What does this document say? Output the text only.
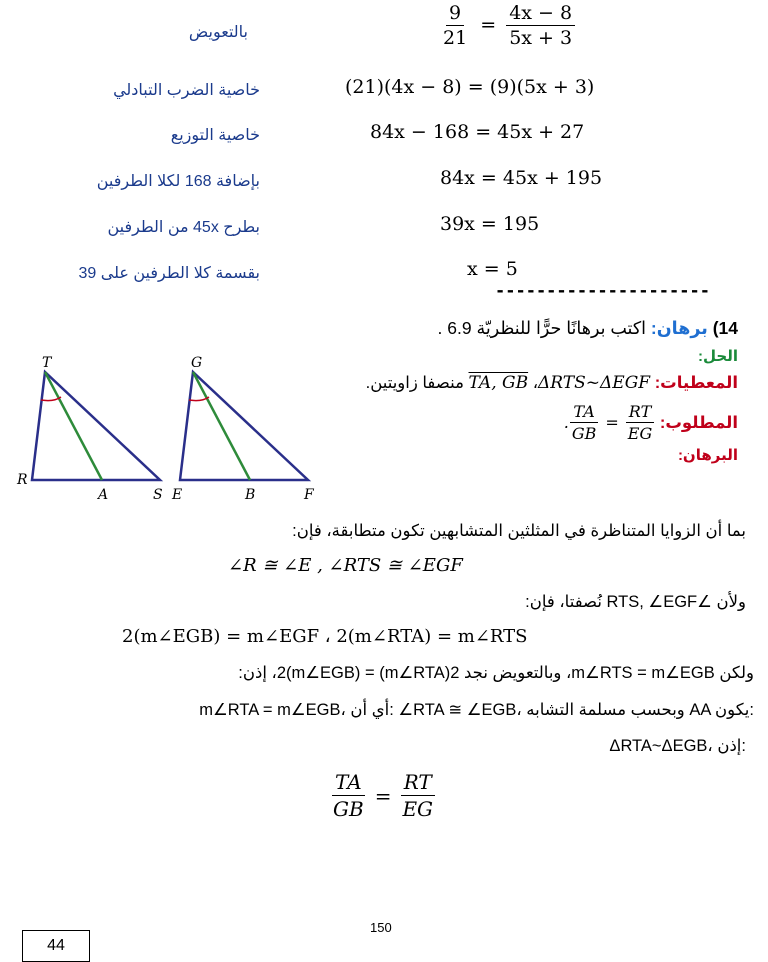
بالتعويض	$\frac{9}{21} = \frac{4x - 8}{5x + 3}$
خاصية الضرب التبادلي	(21)(4x − 8) = (9)(5x + 3)
خاصية التوزيع	84x − 168 = 45x + 27
بإضافة 168 لكلا الطرفين	84x = 45x + 195
بطرح 45x من الطرفين	39x = 195
بقسمة كلا الطرفين على 39	x = 5
---------------------
14) برهان: اكتب برهانًا حرًّا للنظريّة 6.9 .
الحل:
المعطيات: ΔRTS~ΔEGF، TA, GB منصفا زاويتين.
المطلوب:
. $\frac{TA}{GB} = \frac{RT}{EG}$
البرهان:
T
R
A	S
G
E	B	F
بما أن الزوايا المتناظرة في المثلثين المتشابهين تكون متطابقة، فإن:
∠R ≅ ∠E , ∠RTS ≅ ∠EGF
ولأن ∠RTS, ∠EGF نُصفتا، فإن:
2(m∠EGB) = m∠EGF ، 2(m∠RTA) = m∠RTS
ولكن m∠RTS = m∠EGB، وبالتعويض نجد 2(m∠RTA) = 2(m∠EGB)، إذن:
m∠RTA = m∠EGB، أي أن: ∠RTA ≅ ∠EGB، وبحسب مسلمة التشابه AA يكون:
ΔRTA~ΔEGB، إذن:
$\frac{TA}{GB} = \frac{RT}{EG}$
150
44
